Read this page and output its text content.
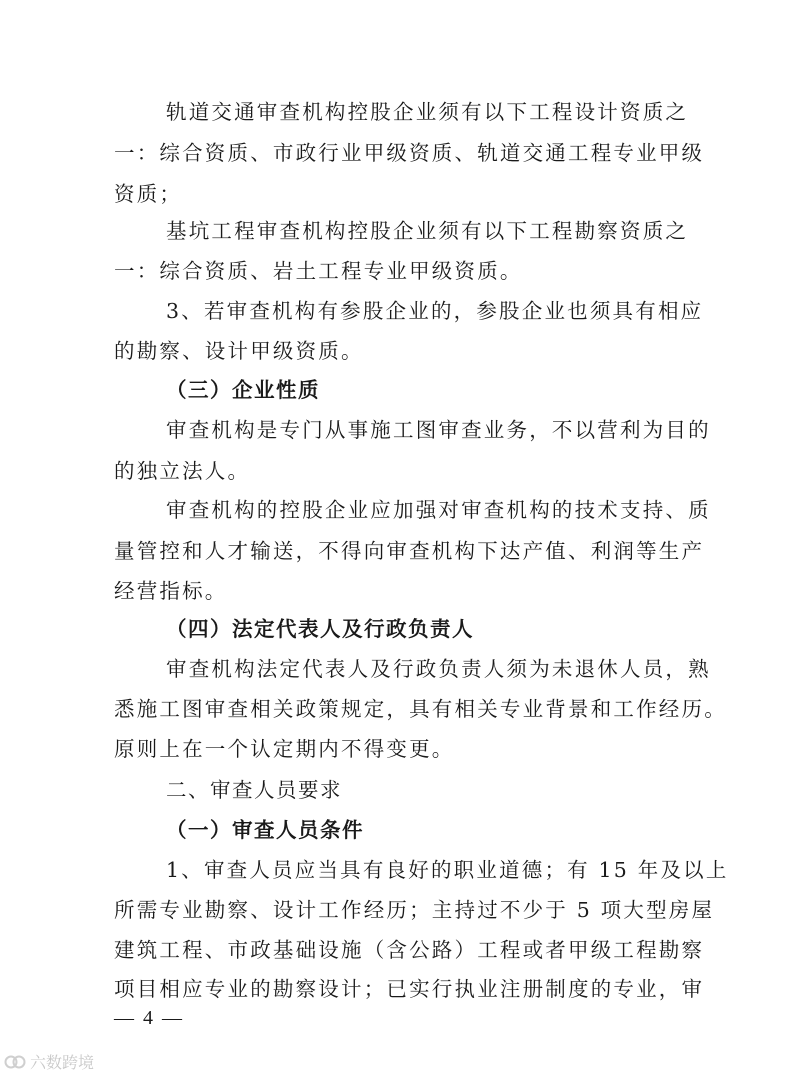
轨道交通审查机构控股企业须有以下工程设计资质之
一：综合资质、市政行业甲级资质、轨道交通工程专业甲级
资质；
基坑工程审查机构控股企业须有以下工程勘察资质之
一：综合资质、岩土工程专业甲级资质。
3、若审查机构有参股企业的，参股企业也须具有相应
的勘察、设计甲级资质。
（三）企业性质
审查机构是专门从事施工图审查业务，不以营利为目的
的独立法人。
审查机构的控股企业应加强对审查机构的技术支持、质
量管控和人才输送，不得向审查机构下达产值、利润等生产
经营指标。
（四）法定代表人及行政负责人
审查机构法定代表人及行政负责人须为未退休人员，熟
悉施工图审查相关政策规定，具有相关专业背景和工作经历。
原则上在一个认定期内不得变更。
二、审查人员要求
（一）审查人员条件
1、审查人员应当具有良好的职业道德；有 15 年及以上
所需专业勘察、设计工作经历；主持过不少于 5 项大型房屋
建筑工程、市政基础设施（含公路）工程或者甲级工程勘察
项目相应专业的勘察设计；已实行执业注册制度的专业，审
— 4 —
六数跨境
